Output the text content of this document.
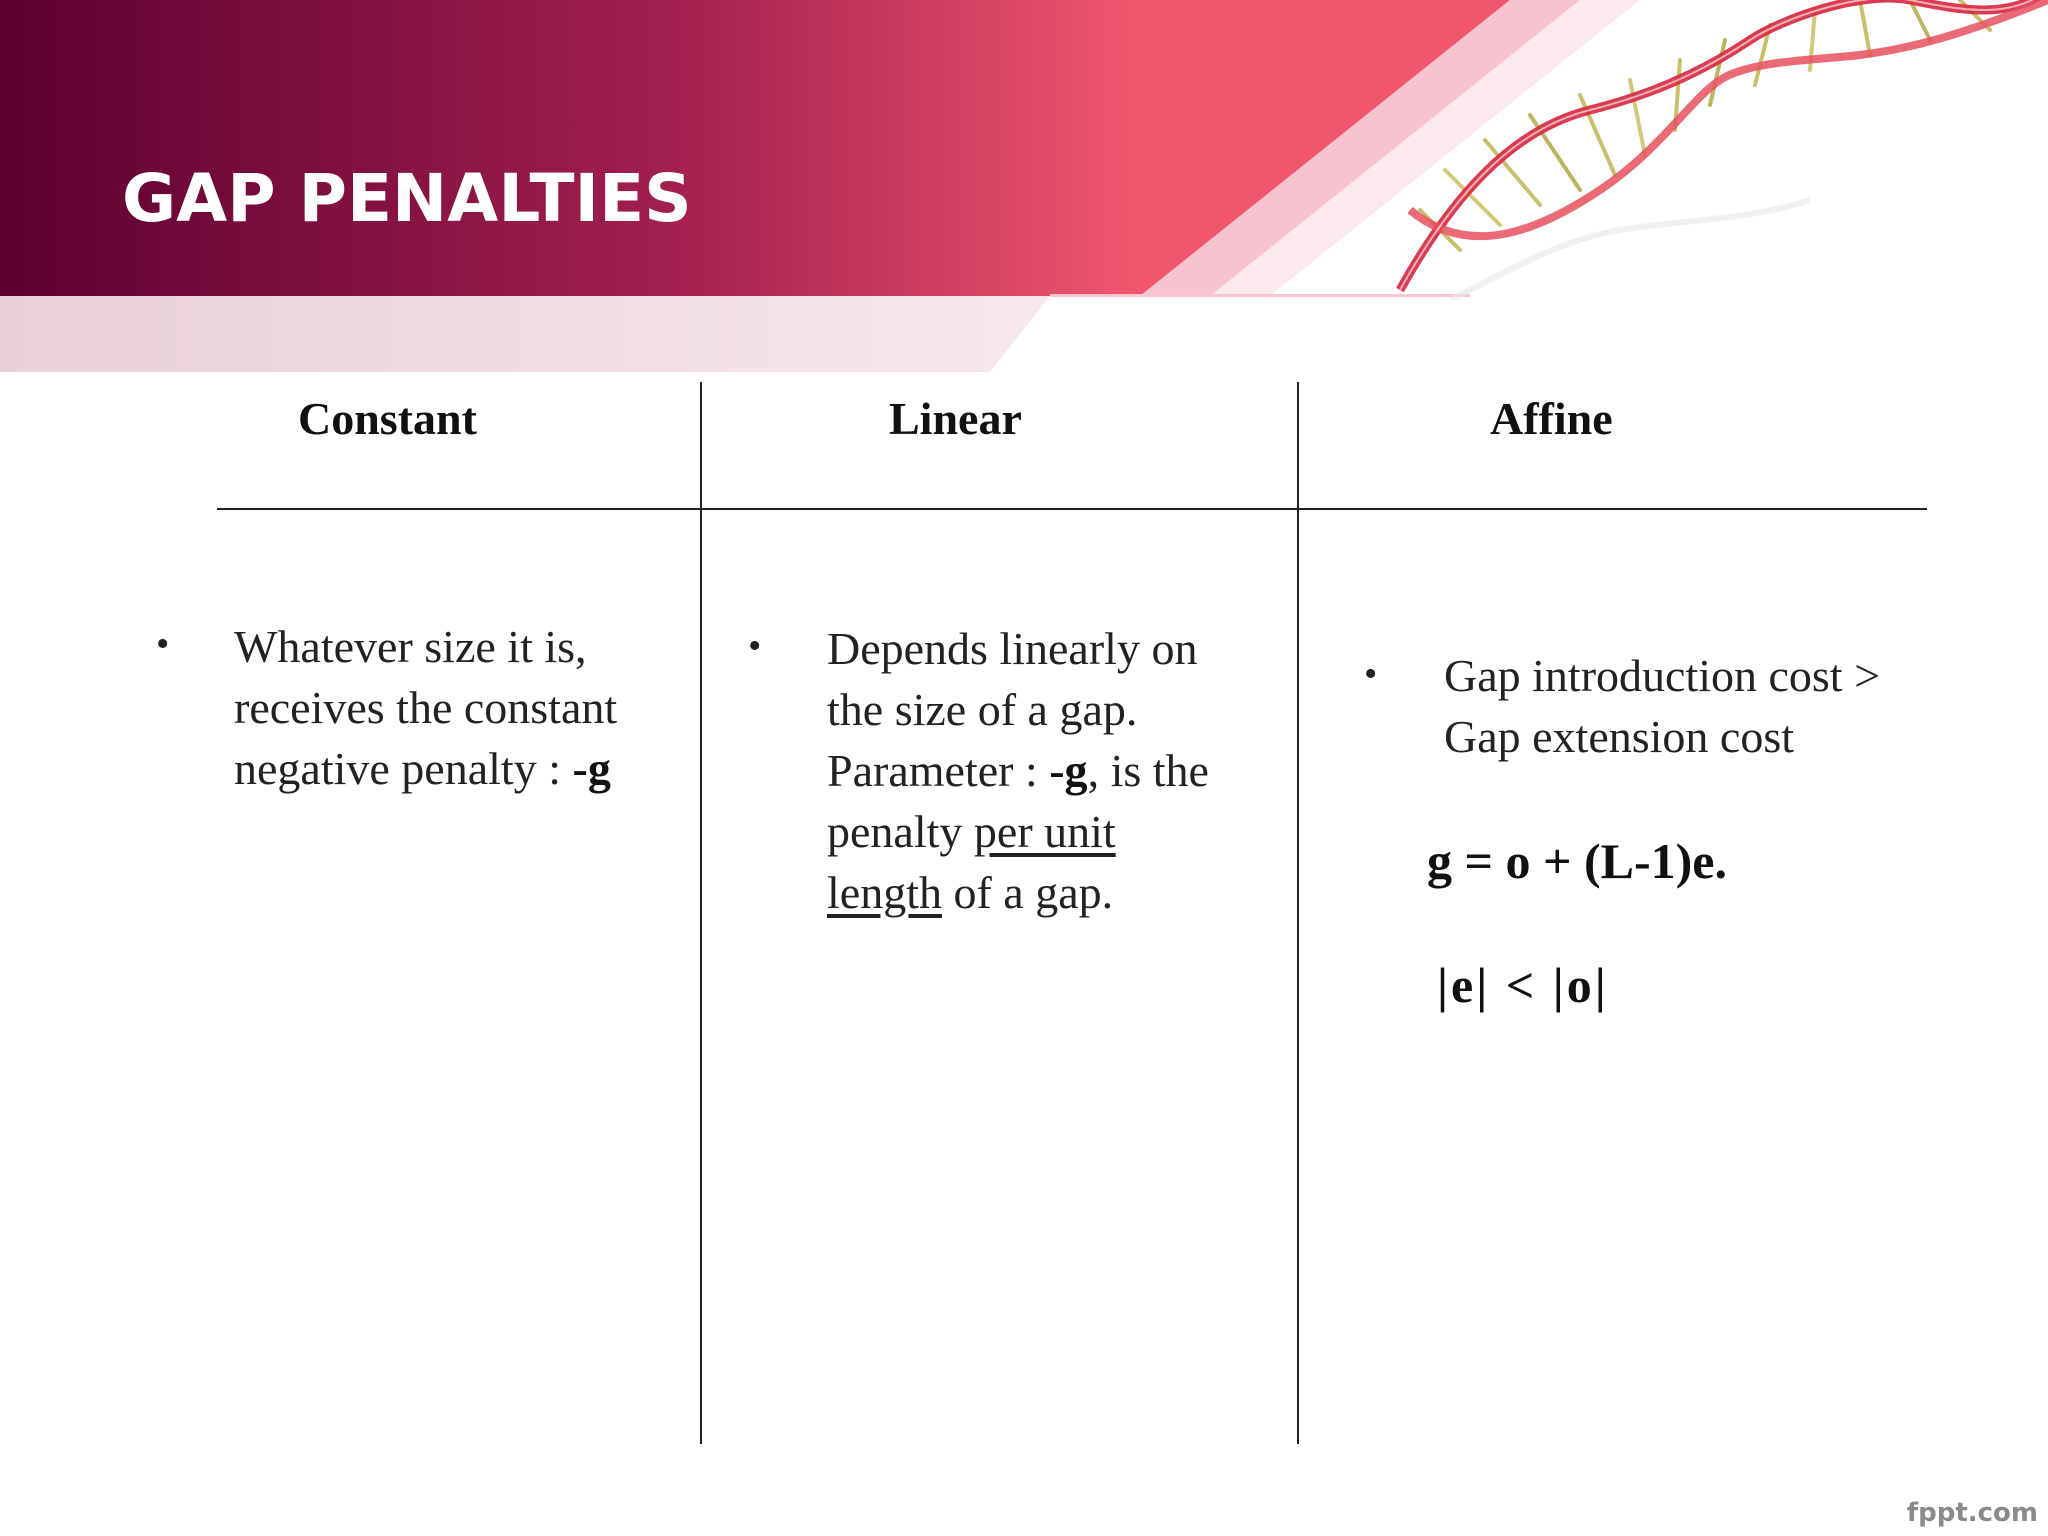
GAP PENALTIES
Constant	Linear	Affine
• Whatever size it is,
receives the constant
negative penalty : -g
• Depends linearly on
the size of a gap.
Parameter : -g, is the
penalty per unit
length of a gap.
• Gap introduction cost >
Gap extension cost
g = o + (L-1)e.
|e| < |o|
fppt.com
